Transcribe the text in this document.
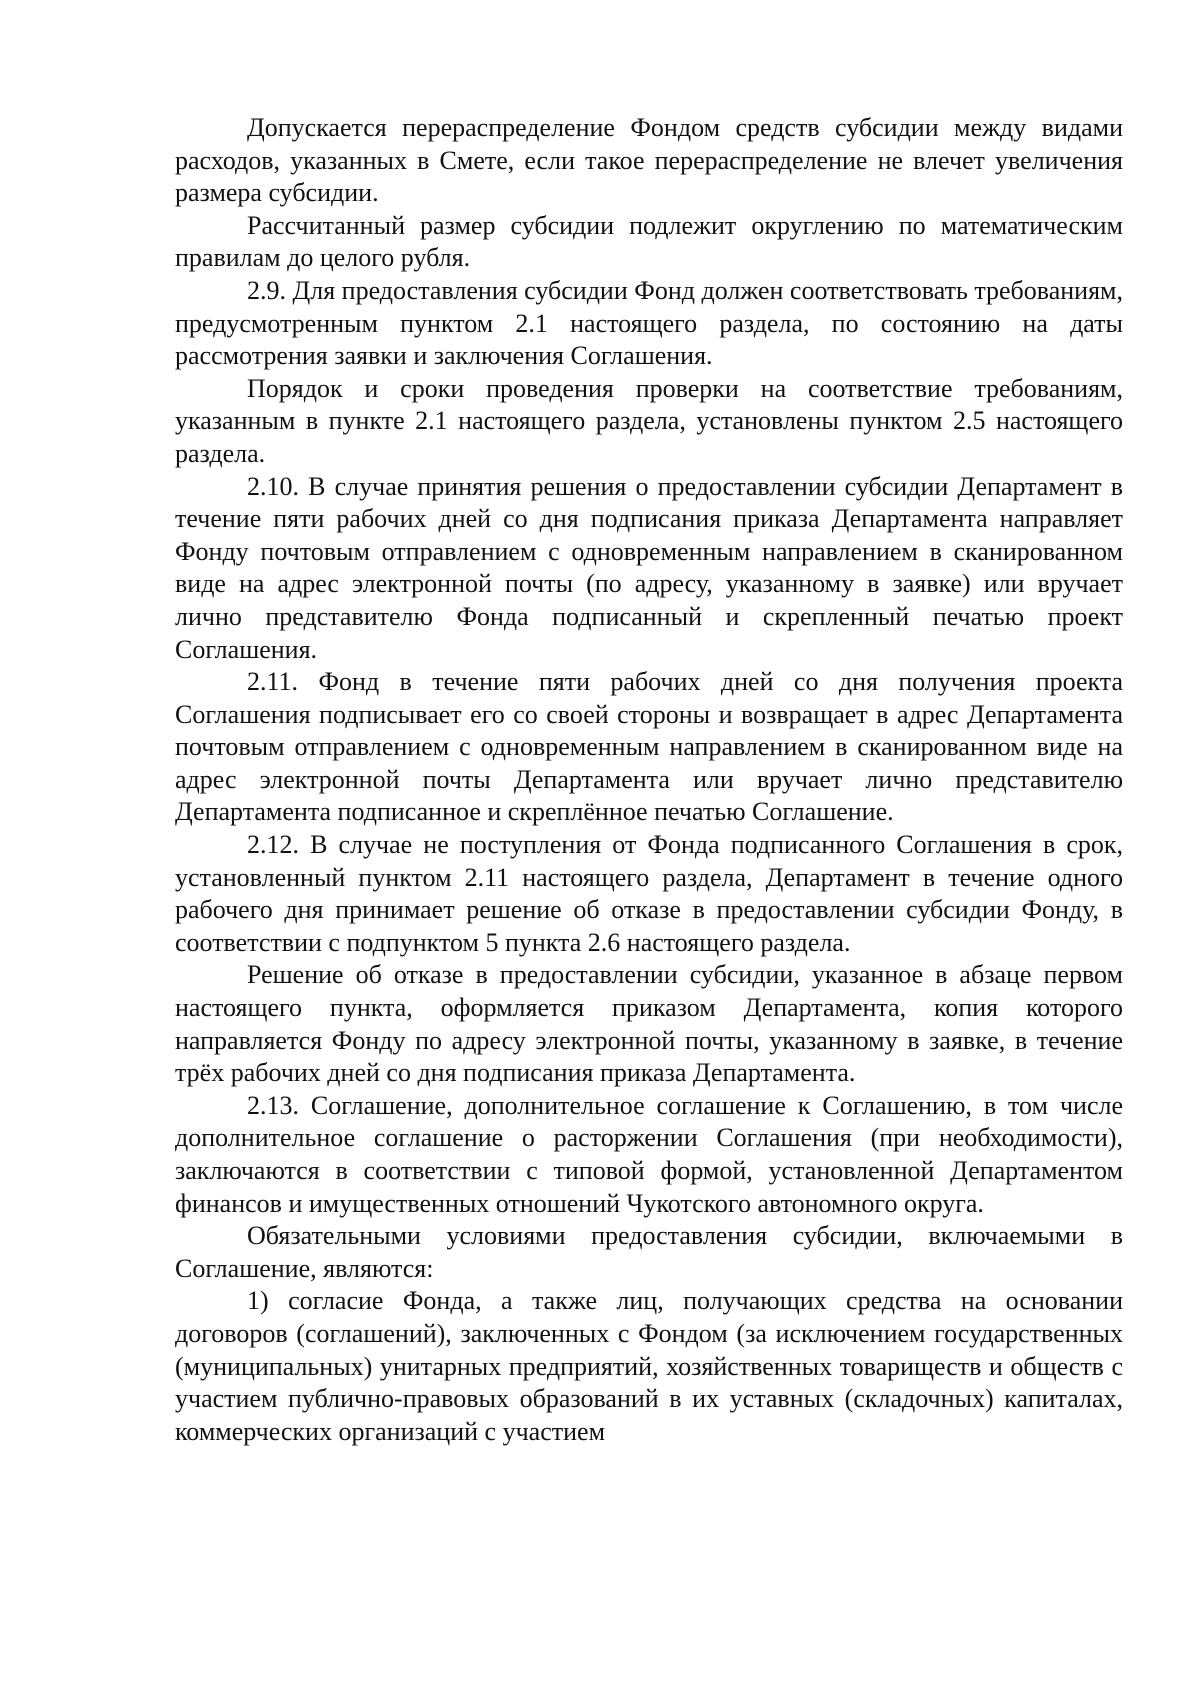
Допускается перераспределение Фондом средств субсидии между видами расходов, указанных в Смете, если такое перераспределение не влечет увеличения размера субсидии.

Рассчитанный размер субсидии подлежит округлению по математическим правилам до целого рубля.

2.9. Для предоставления субсидии Фонд должен соответствовать требованиям, предусмотренным пунктом 2.1 настоящего раздела, по состоянию на даты рассмотрения заявки и заключения Соглашения.

Порядок и сроки проведения проверки на соответствие требованиям, указанным в пункте 2.1 настоящего раздела, установлены пунктом 2.5 настоящего раздела.

2.10. В случае принятия решения о предоставлении субсидии Департамент в течение пяти рабочих дней со дня подписания приказа Департамента направляет Фонду почтовым отправлением с одновременным направлением в сканированном виде на адрес электронной почты (по адресу, указанному в заявке) или вручает лично представителю Фонда подписанный и скрепленный печатью проект Соглашения.

2.11. Фонд в течение пяти рабочих дней со дня получения проекта Соглашения подписывает его со своей стороны и возвращает в адрес Департамента почтовым отправлением с одновременным направлением в сканированном виде на адрес электронной почты Департамента или вручает лично представителю Департамента подписанное и скреплённое печатью Соглашение.

2.12. В случае не поступления от Фонда подписанного Соглашения в срок, установленный пунктом 2.11 настоящего раздела, Департамент в течение одного рабочего дня принимает решение об отказе в предоставлении субсидии Фонду, в соответствии с подпунктом 5 пункта 2.6 настоящего раздела.

Решение об отказе в предоставлении субсидии, указанное в абзаце первом настоящего пункта, оформляется приказом Департамента, копия которого направляется Фонду по адресу электронной почты, указанному в заявке, в течение трёх рабочих дней со дня подписания приказа Департамента.

2.13. Соглашение, дополнительное соглашение к Соглашению, в том числе дополнительное соглашение о расторжении Соглашения (при необходимости), заключаются в соответствии с типовой формой, установленной Департаментом финансов и имущественных отношений Чукотского автономного округа.

Обязательными условиями предоставления субсидии, включаемыми в Соглашение, являются:

1) согласие Фонда, а также лиц, получающих средства на основании договоров (соглашений), заключенных с Фондом (за исключением государственных (муниципальных) унитарных предприятий, хозяйственных товариществ и обществ с участием публично-правовых образований в их уставных (складочных) капиталах, коммерческих организаций с участием
